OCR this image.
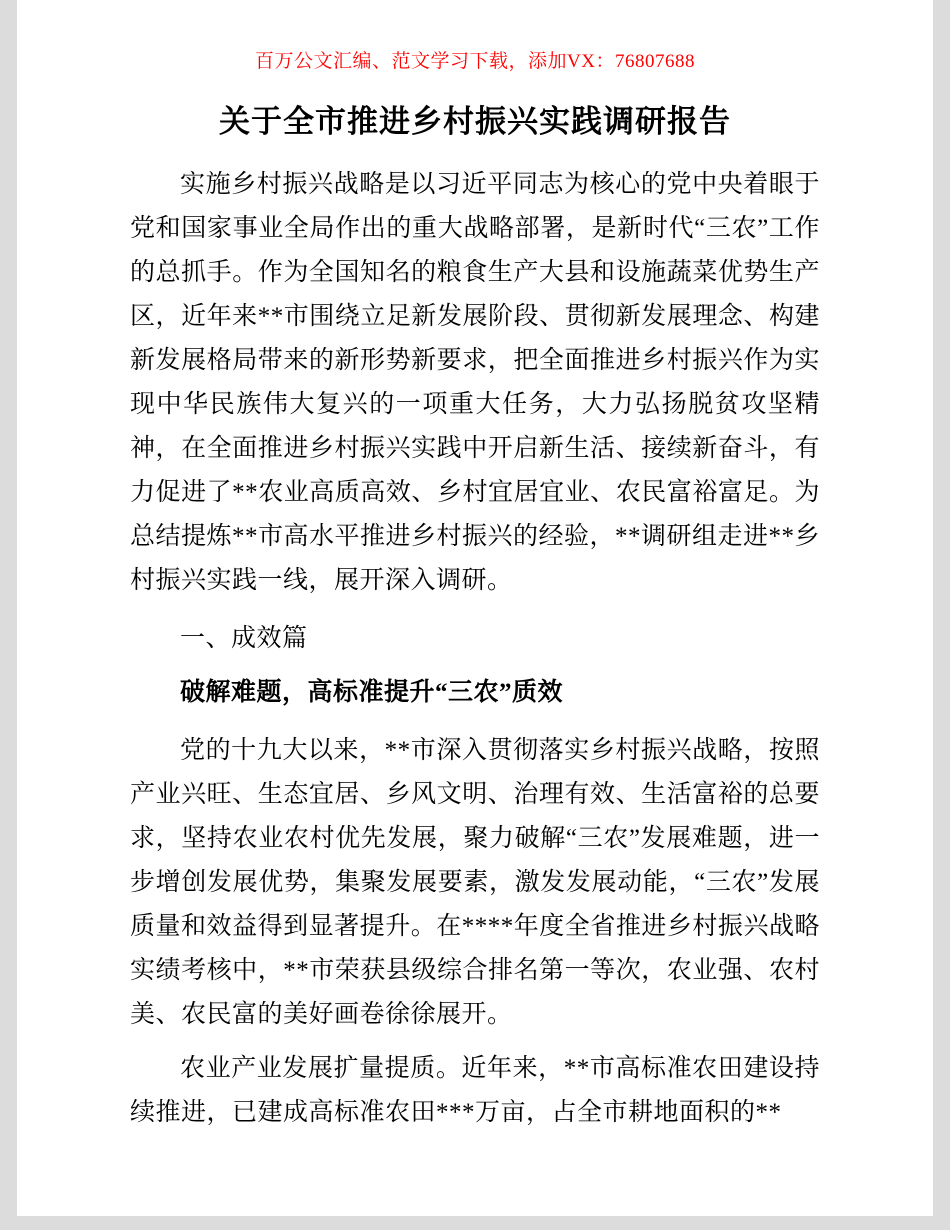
百万公文汇编、范文学习下载，添加VX：76807688
关于全市推进乡村振兴实践调研报告

实施乡村振兴战略是以习近平同志为核心的党中央着眼于党和国家事业全局作出的重大战略部署，是新时代“三农”工作的总抓手。作为全国知名的粮食生产大县和设施蔬菜优势生产区，近年来**市围绕立足新发展阶段、贯彻新发展理念、构建新发展格局带来的新形势新要求，把全面推进乡村振兴作为实现中华民族伟大复兴的一项重大任务，大力弘扬脱贫攻坚精神，在全面推进乡村振兴实践中开启新生活、接续新奋斗，有力促进了**农业高质高效、乡村宜居宜业、农民富裕富足。为总结提炼**市高水平推进乡村振兴的经验，**调研组走进**乡村振兴实践一线，展开深入调研。

一、成效篇

破解难题，高标准提升“三农”质效

党的十九大以来，**市深入贯彻落实乡村振兴战略，按照产业兴旺、生态宜居、乡风文明、治理有效、生活富裕的总要求，坚持农业农村优先发展，聚力破解“三农”发展难题，进一步增创发展优势，集聚发展要素，激发发展动能，“三农”发展质量和效益得到显著提升。在****年度全省推进乡村振兴战略实绩考核中，**市荣获县级综合排名第一等次，农业强、农村美、农民富的美好画卷徐徐展开。

农业产业发展扩量提质。近年来，**市高标准农田建设持续推进，已建成高标准农田***万亩，占全市耕地面积的**
